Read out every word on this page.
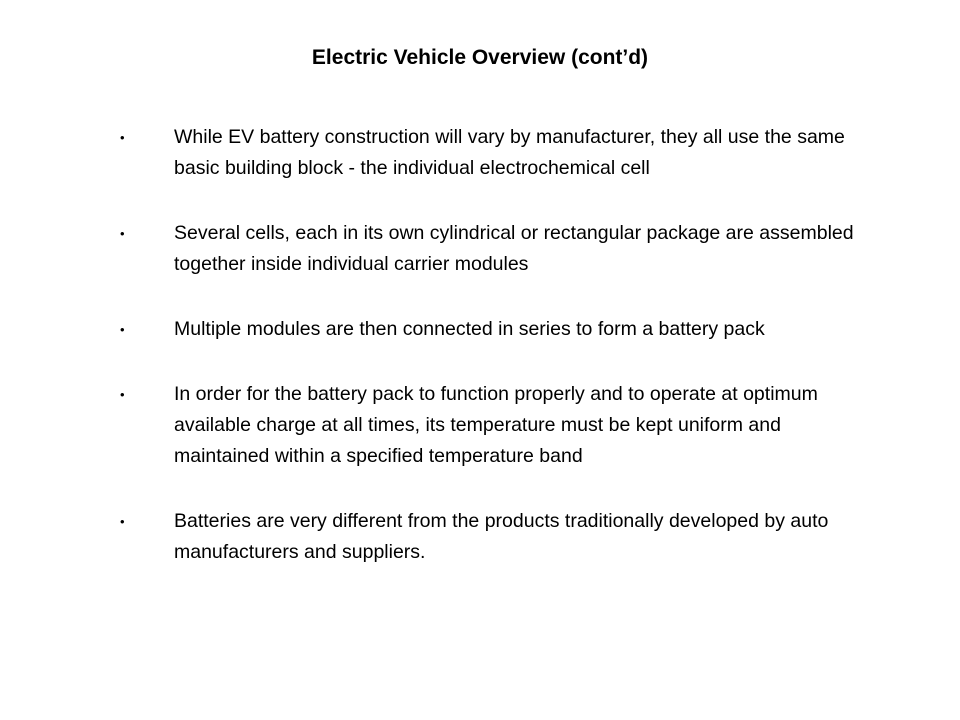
Electric Vehicle Overview (cont’d)
•	While EV battery construction will vary by manufacturer, they all use the same basic building block - the individual electrochemical cell
•	Several cells, each in its own cylindrical or rectangular package are assembled together inside individual carrier modules
•	Multiple modules are then connected in series to form a battery pack
•	In order for the battery pack to function properly and to operate at optimum available charge at all times, its temperature must be kept uniform and maintained within a specified temperature band
•	Batteries are very different from the products traditionally developed by auto manufacturers and suppliers.
